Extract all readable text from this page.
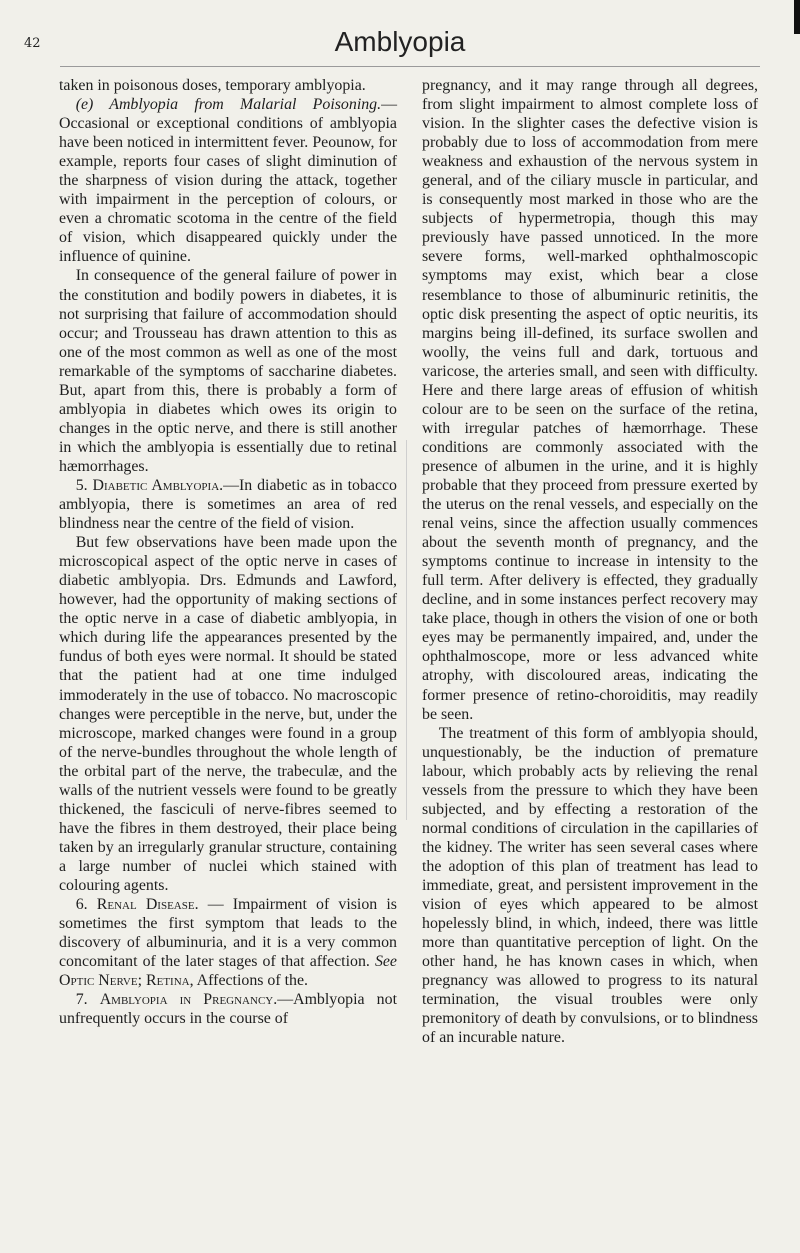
42	Amblyopia

taken in poisonous doses, temporary amblyopia.

(e) Amblyopia from Malarial Poisoning.—Occasional or exceptional conditions of amblyopia have been noticed in intermittent fever. Peounow, for example, reports four cases of slight diminution of the sharpness of vision during the attack, together with impairment in the perception of colours, or even a chromatic scotoma in the centre of the field of vision, which disappeared quickly under the influence of quinine.

In consequence of the general failure of power in the constitution and bodily powers in diabetes, it is not surprising that failure of accommodation should occur; and Trousseau has drawn attention to this as one of the most common as well as one of the most remarkable of the symptoms of saccharine diabetes. But, apart from this, there is probably a form of amblyopia in diabetes which owes its origin to changes in the optic nerve, and there is still another in which the amblyopia is essentially due to retinal hæmorrhages.

5. Diabetic Amblyopia.—In diabetic as in tobacco amblyopia, there is sometimes an area of red blindness near the centre of the field of vision.

But few observations have been made upon the microscopical aspect of the optic nerve in cases of diabetic amblyopia. Drs. Edmunds and Lawford, however, had the opportunity of making sections of the optic nerve in a case of diabetic amblyopia, in which during life the appearances presented by the fundus of both eyes were normal. It should be stated that the patient had at one time indulged immoderately in the use of tobacco. No macroscopic changes were perceptible in the nerve, but, under the microscope, marked changes were found in a group of the nerve-bundles throughout the whole length of the orbital part of the nerve, the trabeculæ, and the walls of the nutrient vessels were found to be greatly thickened, the fasciculi of nerve-fibres seemed to have the fibres in them destroyed, their place being taken by an irregularly granular structure, containing a large number of nuclei which stained with colouring agents.

6. Renal Disease. — Impairment of vision is sometimes the first symptom that leads to the discovery of albuminuria, and it is a very common concomitant of the later stages of that affection. See Optic Nerve; Retina, Affections of the.

7. Amblyopia in Pregnancy.—Amblyopia not unfrequently occurs in the course of

pregnancy, and it may range through all degrees, from slight impairment to almost complete loss of vision. In the slighter cases the defective vision is probably due to loss of accommodation from mere weakness and exhaustion of the nervous system in general, and of the ciliary muscle in particular, and is consequently most marked in those who are the subjects of hypermetropia, though this may previously have passed unnoticed. In the more severe forms, well-marked ophthalmoscopic symptoms may exist, which bear a close resemblance to those of albuminuric retinitis, the optic disk presenting the aspect of optic neuritis, its margins being ill-defined, its surface swollen and woolly, the veins full and dark, tortuous and varicose, the arteries small, and seen with difficulty. Here and there large areas of effusion of whitish colour are to be seen on the surface of the retina, with irregular patches of hæmorrhage. These conditions are commonly associated with the presence of albumen in the urine, and it is highly probable that they proceed from pressure exerted by the uterus on the renal vessels, and especially on the renal veins, since the affection usually commences about the seventh month of pregnancy, and the symptoms continue to increase in intensity to the full term. After delivery is effected, they gradually decline, and in some instances perfect recovery may take place, though in others the vision of one or both eyes may be permanently impaired, and, under the ophthalmoscope, more or less advanced white atrophy, with discoloured areas, indicating the former presence of retino-choroiditis, may readily be seen.

The treatment of this form of amblyopia should, unquestionably, be the induction of premature labour, which probably acts by relieving the renal vessels from the pressure to which they have been subjected, and by effecting a restoration of the normal conditions of circulation in the capillaries of the kidney. The writer has seen several cases where the adoption of this plan of treatment has lead to immediate, great, and persistent improvement in the vision of eyes which appeared to be almost hopelessly blind, in which, indeed, there was little more than quantitative perception of light. On the other hand, he has known cases in which, when pregnancy was allowed to progress to its natural termination, the visual troubles were only premonitory of death by convulsions, or to blindness of an incurable nature.
